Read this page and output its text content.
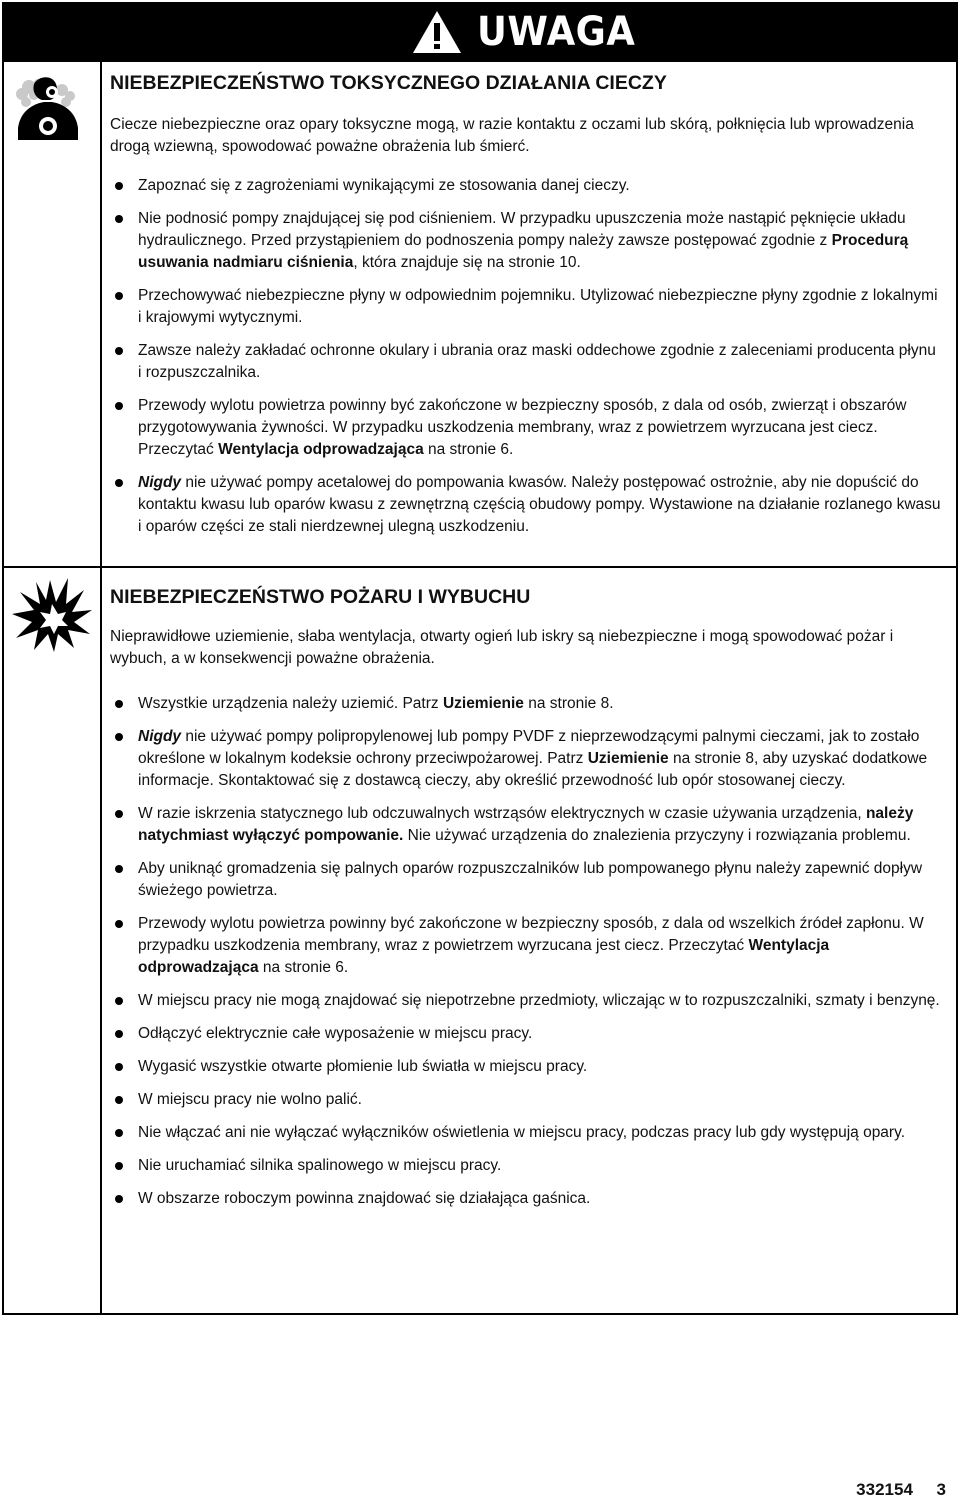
UWAGA
NIEBEZPIECZEŃSTWO TOKSYCZNEGO DZIAŁANIA CIECZY

Ciecze niebezpieczne oraz opary toksyczne mogą, w razie kontaktu z oczami lub skórą, połknięcia lub wprowadzenia drogą wziewną, spowodować poważne obrażenia lub śmierć.

Zapoznać się z zagrożeniami wynikającymi ze stosowania danej cieczy.
Nie podnosić pompy znajdującej się pod ciśnieniem. W przypadku upuszczenia może nastąpić pęknięcie układu hydraulicznego. Przed przystąpieniem do podnoszenia pompy należy zawsze postępować zgodnie z Procedurą usuwania nadmiaru ciśnienia, która znajduje się na stronie 10.
Przechowywać niebezpieczne płyny w odpowiednim pojemniku. Utylizować niebezpieczne płyny zgodnie z lokalnymi i krajowymi wytycznymi.
Zawsze należy zakładać ochronne okulary i ubrania oraz maski oddechowe zgodnie z zaleceniami producenta płynu i rozpuszczalnika.
Przewody wylotu powietrza powinny być zakończone w bezpieczny sposób, z dala od osób, zwierząt i obszarów przygotowywania żywności. W przypadku uszkodzenia membrany, wraz z powietrzem wyrzucana jest ciecz. Przeczytać Wentylacja odprowadzająca na stronie 6.
Nigdy nie używać pompy acetalowej do pompowania kwasów. Należy postępować ostrożnie, aby nie dopuścić do kontaktu kwasu lub oparów kwasu z zewnętrzną częścią obudowy pompy. Wystawione na działanie rozlanego kwasu i oparów części ze stali nierdzewnej ulegną uszkodzeniu.
NIEBEZPIECZEŃSTWO POŻARU I WYBUCHU

Nieprawidłowe uziemienie, słaba wentylacja, otwarty ogień lub iskry są niebezpieczne i mogą spowodować pożar i wybuch, a w konsekwencji poważne obrażenia.

Wszystkie urządzenia należy uziemić. Patrz Uziemienie na stronie 8.
Nigdy nie używać pompy polipropylenowej lub pompy PVDF z nieprzewodzącymi palnymi cieczami, jak to zostało określone w lokalnym kodeksie ochrony przeciwpożarowej. Patrz Uziemienie na stronie 8, aby uzyskać dodatkowe informacje. Skontaktować się z dostawcą cieczy, aby określić przewodność lub opór stosowanej cieczy.
W razie iskrzenia statycznego lub odczuwalnych wstrząsów elektrycznych w czasie używania urządzenia, należy natychmiast wyłączyć pompowanie. Nie używać urządzenia do znalezienia przyczyny i rozwiązania problemu.
Aby uniknąć gromadzenia się palnych oparów rozpuszczalników lub pompowanego płynu należy zapewnić dopływ świeżego powietrza.
Przewody wylotu powietrza powinny być zakończone w bezpieczny sposób, z dala od wszelkich źródeł zapłonu. W przypadku uszkodzenia membrany, wraz z powietrzem wyrzucana jest ciecz. Przeczytać Wentylacja odprowadzająca na stronie 6.
W miejscu pracy nie mogą znajdować się niepotrzebne przedmioty, wliczając w to rozpuszczalniki, szmaty i benzynę.
Odłączyć elektrycznie całe wyposażenie w miejscu pracy.
Wygasić wszystkie otwarte płomienie lub światła w miejscu pracy.
W miejscu pracy nie wolno palić.
Nie włączać ani nie wyłączać wyłączników oświetlenia w miejscu pracy, podczas pracy lub gdy występują opary.
Nie uruchamiać silnika spalinowego w miejscu pracy.
W obszarze roboczym powinna znajdować się działająca gaśnica.
332154 3
